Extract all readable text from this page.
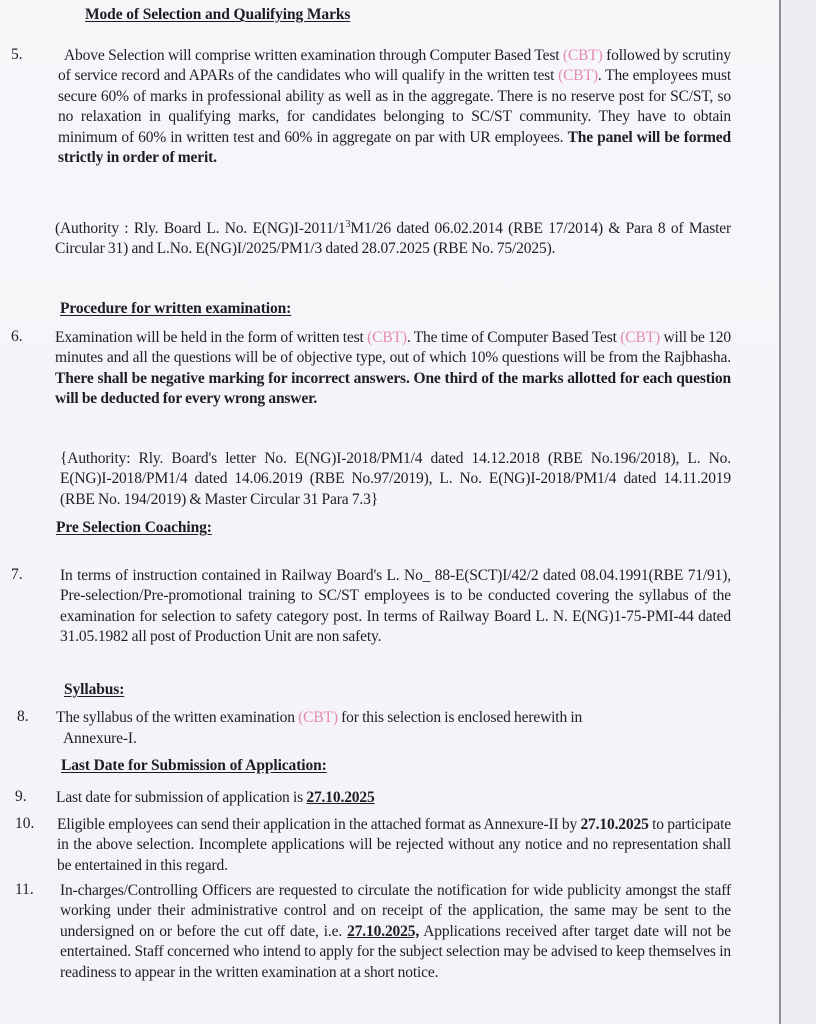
Mode of Selection and Qualifying Marks
5.	Above Selection will comprise written examination through Computer Based Test (CBT) followed by scrutiny of service record and APARs of the candidates who will qualify in the written test (CBT). The employees must secure 60% of marks in professional ability as well as in the aggregate. There is no reserve post for SC/ST, so no relaxation in qualifying marks, for candidates belonging to SC/ST community. They have to obtain minimum of 60% in written test and 60% in aggregate on par with UR employees. The panel will be formed strictly in order of merit.
(Authority : Rly. Board L. No. $E(NG)I-2011/1^3M1/26$ dated 06.02.2014 (RBE 17/2014) & Para 8 of Master Circular 31) and L.No. E(NG)I/2025/PM1/3 dated 28.07.2025 (RBE No. 75/2025).
Procedure for written examination:
6. Examination will be held in the form of written test (CBT). The time of Computer Based Test (CBT) will be 120 minutes and all the questions will be of objective type, out of which 10% questions will be from the Rajbhasha. There shall be negative marking for incorrect answers. One third of the marks allotted for each question will be deducted for every wrong answer.
{Authority: Rly. Board's letter No. E(NG)I-2018/PM1/4 dated 14.12.2018 (RBE No.196/2018), L. No. E(NG)I-2018/PM1/4 dated 14.06.2019 (RBE No.97/2019), L. No. E(NG)I-2018/PM1/4 dated 14.11.2019 (RBE No. 194/2019) & Master Circular 31 Para 7.3}
Pre Selection Coaching:
7. In terms of instruction contained in Railway Board's L. No_ 88-E(SCT)I/42/2 dated 08.04.1991(RBE 71/91), Pre-selection/Pre-promotional training to SC/ST employees is to be conducted covering the syllabus of the examination for selection to safety category post. In terms of Railway Board L. N. E(NG)1-75-PMI-44 dated 31.05.1982 all post of Production Unit are non safety.
Syllabus:
8. The syllabus of the written examination (CBT) for this selection is enclosed herewith in
Annexure-I.
Last Date for Submission of Application:
9. Last date for submission of application is 27.10.2025
10. Eligible employees can send their application in the attached format as Annexure-II by 27.10.2025 to participate in the above selection. Incomplete applications will be rejected without any notice and no representation shall be entertained in this regard.
11. In-charges/Controlling Officers are requested to circulate the notification for wide publicity amongst the staff working under their administrative control and on receipt of the application, the same may be sent to the undersigned on or before the cut off date, i.e. 27.10.2025, Applications received after target date will not be entertained. Staff concerned who intend to apply for the subject selection may be advised to keep themselves in readiness to appear in the written examination at a short notice.
